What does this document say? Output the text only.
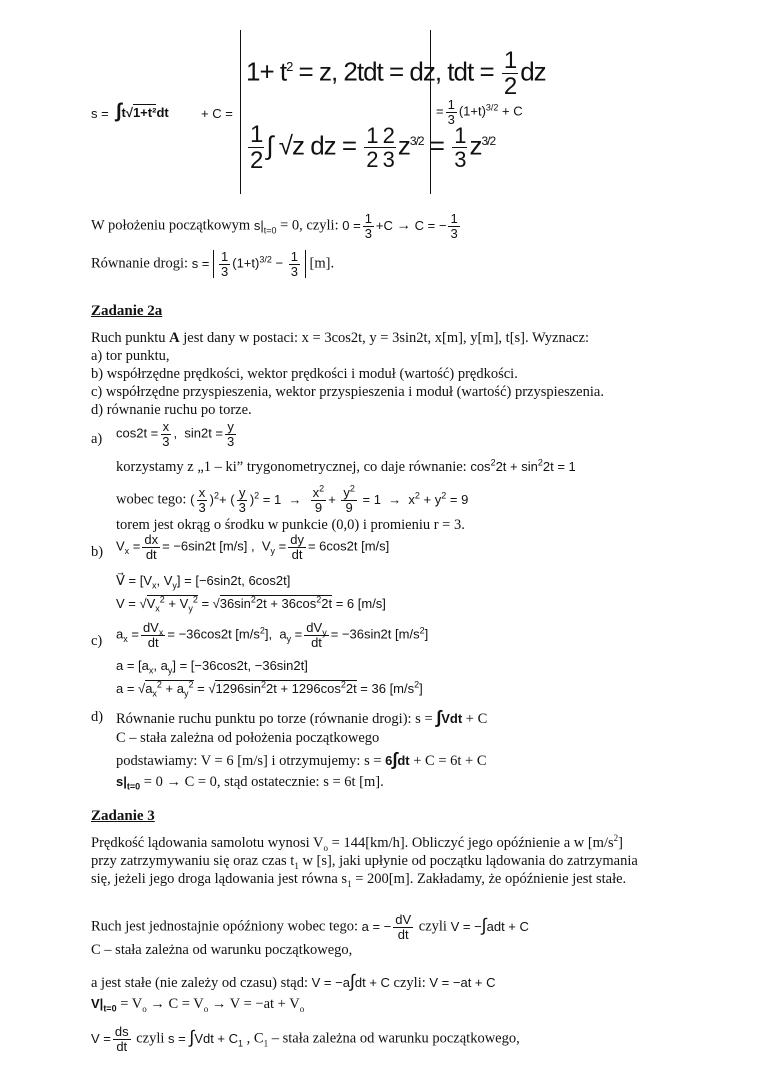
s = ∫t√1+t²dt + C =
$1+ t^2 = z$, 2tdt = dz, tdt = $\frac{1}{2}$ dz
$\frac{1}{2}$ ∫ √z dz = $\frac{1 2}{2 3} z^{3/2} = \frac{1}{3} z^{3/2}$
= $\frac{1}{3} (1+t)^{3/2} + C$
W położeniu początkowym $s|_{t=0} = 0$, czyli: $0 = \frac{1}{3} +C \to C$ = − $\frac{1}{3}$
Równanie drogi: $s = \frac{1}{3} (1+t)^{3/2} - \frac{1}{3} [m]$.
Zadanie 2a
Ruch punktu A jest dany w postaci: x = 3cos2t, y = 3sin2t, x[m], y[m], t[s]. Wyznacz:
a) tor punktu,
b) współrzędne prędkości, wektor prędkości i moduł (wartość) prędkości.
c) współrzędne przyspieszenia, wektor przyspieszenia i moduł (wartość) przyspieszenia.
d) równanie ruchu po torze.
a) $\cos 2t = \frac{x}{3}$ ,  $\sin 2t = \frac{y}{3}$
korzystamy z „1 – ki” trygonometrycznej, co daje równanie: $\cos^22t + \sin^22t = 1$
wobec tego: ( $\frac{x}{3} )^2+$ ( $\frac{y}{3} )^2 = 1 \to \frac{x^2}{9} + \frac{y^2}{9} = 1 \to x^2 + y^2 = 9$
torem jest okrąg o środku w punkcie (0,0) i promieniu r = 3.
b) $V_x = \frac{dx}{dt} = -6\sin 2t$ [m/s] ,  $V_y = \frac{dy}{dt} = 6\cos 2t$ [m/s]
V⃗ = [$V_x$, $V_y] = [-6\sin 2t$, 6cos2t]
$V = √V_x^2 + V_y^2 = √36\sin^22t + 36\cos^22t = 6$ [m/s]
c) $a_x = \frac{dV_x}{dt} = -36\cos 2t$ $[m/s^2]$,  $a_y = \frac{dV_y}{dt} = -36\sin 2t$ $[m/s^2]$
$a = [a_x$, $a_y] = [-36\cos 2t$, −36sin2t]
$a = √a_x^2 + a_y^2 = √1296\sin^22t + 1296\cos^22t = 36$ $[m/s^2]$
d) Równanie ruchu punktu po torze (równanie drogi): s = ∫Vdt + C
C – stała zależna od położenia początkowego
podstawiamy: V = 6 [m/s] i otrzymujemy: s = 6∫dt + C = 6t + C
$s|_{t=0} = 0 \to C = 0$, stąd ostatecznie: s = 6t [m].
Zadanie 3
Prędkość lądowania samolotu wynosi $V_o = 144[km/h]$. Obliczyć jego opóźnienie a w $[m/s^2]$
przy zatrzymywaniu się oraz czas $t_1$ w [s], jaki upłynie od początku lądowania do zatrzymania
się, jeżeli jego droga lądowania jest równa $s_1 = 200[m]$. Zakładamy, że opóźnienie jest stałe.
Ruch jest jednostajnie opóźniony wobec tego: a = − $\frac{dV}{dt}$ czyli V = −∫adt + C
C – stała zależna od warunku początkowego,
a jest stałe (nie zależy od czasu) stąd: V = −a∫dt + C czyli: V = −at + C
$V|_{t=0} = V_o \to C = V_o \to V = -at + V_o$
$V = \frac{ds}{dt}$ czyli $s = \int Vdt + C_1$ , $C_1$ – stała zależna od warunku początkowego,
